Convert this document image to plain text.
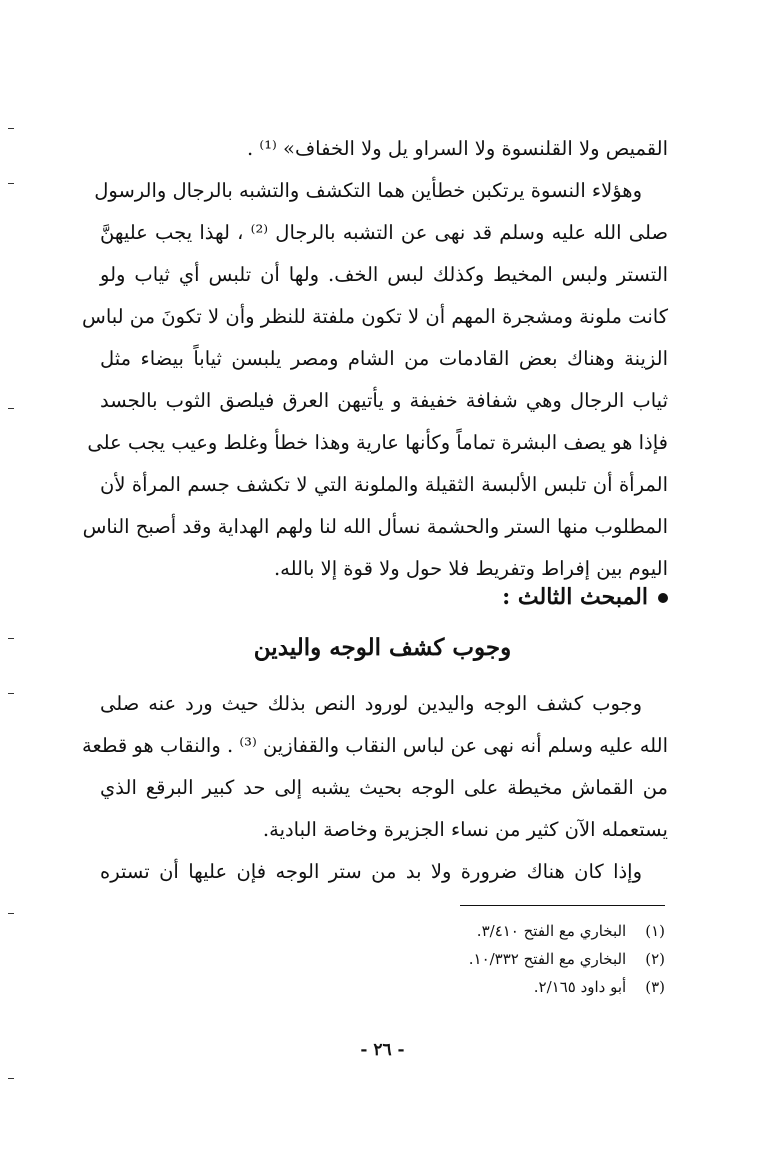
القميص ولا القلنسوة ولا السراو يل ولا الخفاف» ⁽¹⁾ .
وهؤلاء النسوة يرتكبن خطأين هما التكشف والتشبه بالرجال والرسول
صلى الله عليه وسلم قد نهى عن التشبه بالرجال ⁽²⁾ ، لهذا يجب عليهنَّ
التستر ولبس المخيط وكذلك لبس الخف. ولها أن تلبس أي ثياب ولو
كانت ملونة ومشجرة المهم أن لا تكون ملفتة للنظر وأن لا تكونَ من لباس
الزينة وهناك بعض القادمات من الشام ومصر يلبسن ثياباً بيضاء مثل
ثياب الرجال وهي شفافة خفيفة و يأتيهن العرق فيلصق الثوب بالجسد
فإذا هو يصف البشرة تماماً وكأنها عارية وهذا خطأ وغلط وعيب يجب على
المرأة أن تلبس الألبسة الثقيلة والملونة التي لا تكشف جسم المرأة لأن
المطلوب منها الستر والحشمة نسأل الله لنا ولهم الهداية وقد أصبح الناس
اليوم بين إفراط وتفريط فلا حول ولا قوة إلا بالله.
المبحث الثالث :
وجوب كشف الوجه واليدين
وجوب كشف الوجه واليدين لورود النص بذلك حيث ورد عنه صلى
الله عليه وسلم أنه نهى عن لباس النقاب والقفازين ⁽³⁾ . والنقاب هو قطعة
من القماش مخيطة على الوجه بحيث يشبه إلى حد كبير البرقع الذي
يستعمله الآن كثير من نساء الجزيرة وخاصة البادية.
وإذا كان هناك ضرورة ولا بد من ستر الوجه فإن عليها أن تستره
(١) البخاري مع الفتح ٣/٤١٠.
(٢) البخاري مع الفتح ١٠/٣٣٢.
(٣) أبو داود ٢/١٦٥.
- ٢٦ -
